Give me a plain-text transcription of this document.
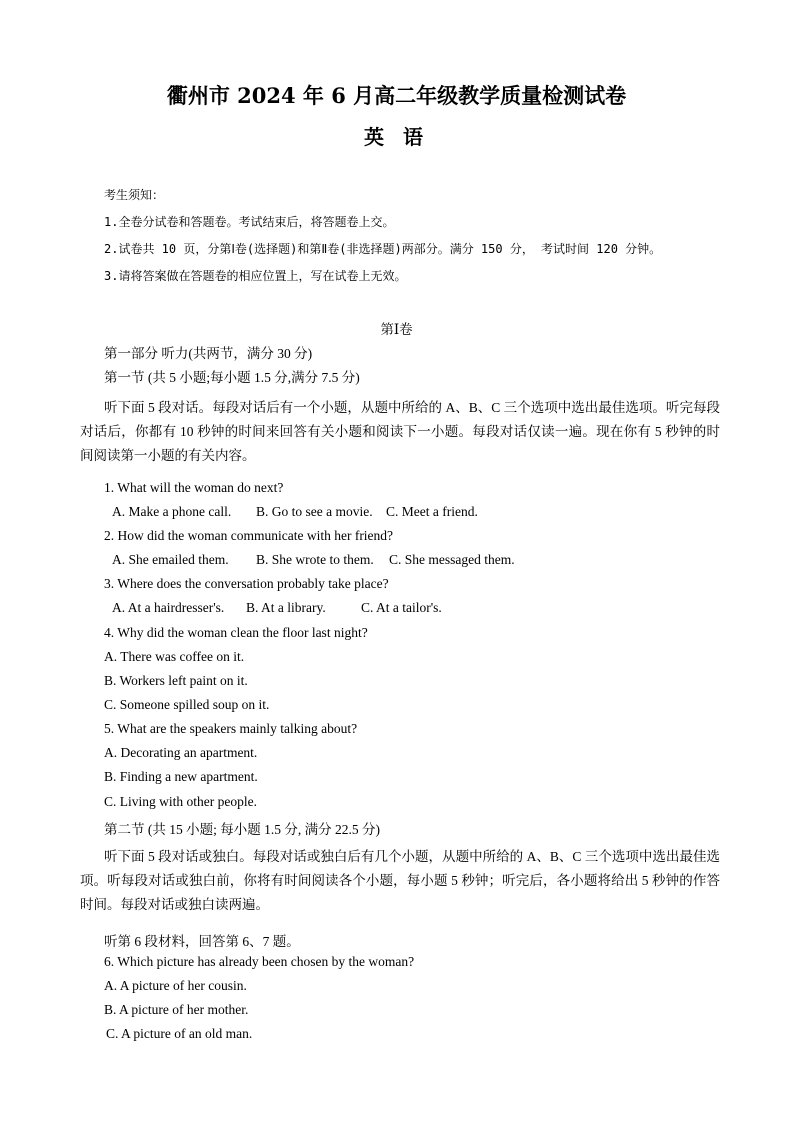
衢州市 2024 年 6 月高二年级教学质量检测试卷
英 语
考生须知：
1.全卷分试卷和答题卷。考试结束后，将答题卷上交。
2.试卷共 10 页，分第Ⅰ卷(选择题)和第Ⅱ卷(非选择题)两部分。满分 150 分， 考试时间 120 分钟。
3.请将答案做在答题卷的相应位置上，写在试卷上无效。
第Ⅰ卷
第一部分 听力(共两节，满分 30 分)
第一节 (共 5 小题;每小题 1.5 分,满分 7.5 分)
听下面 5 段对话。每段对话后有一个小题，从题中所给的 A、B、C 三个选项中选出最佳选项。听完每段对话后，你都有 10 秒钟的时间来回答有关小题和阅读下一小题。每段对话仅读一遍。现在你有 5 秒钟的时间阅读第一小题的有关内容。
1. What will the woman do next?
A. Make a phone call. B. Go to see a movie. C. Meet a friend.
2. How did the woman communicate with her friend?
A. She emailed them. B. She wrote to them. C. She messaged them.
3. Where does the conversation probably take place?
A. At a hairdresser's. B. At a library.	C. At a tailor's.
4. Why did the woman clean the floor last night?
A. There was coffee on it.
B. Workers left paint on it.
C. Someone spilled soup on it.
5. What are the speakers mainly talking about?
A. Decorating an apartment.
B. Finding a new apartment.
C. Living with other people.
第二节 (共 15 小题; 每小题 1.5 分, 满分 22.5 分)
听下面 5 段对话或独白。每段对话或独白后有几个小题，从题中所给的 A、B、C 三个选项中选出最佳选项。听每段对话或独白前，你将有时间阅读各个小题，每小题 5 秒钟；听完后，各小题将给出 5 秒钟的作答时间。每段对话或独白读两遍。
听第 6 段材料，回答第 6、7 题。
6. Which picture has already been chosen by the woman?
A. A picture of her cousin.
B. A picture of her mother.
C. A picture of an old man.
